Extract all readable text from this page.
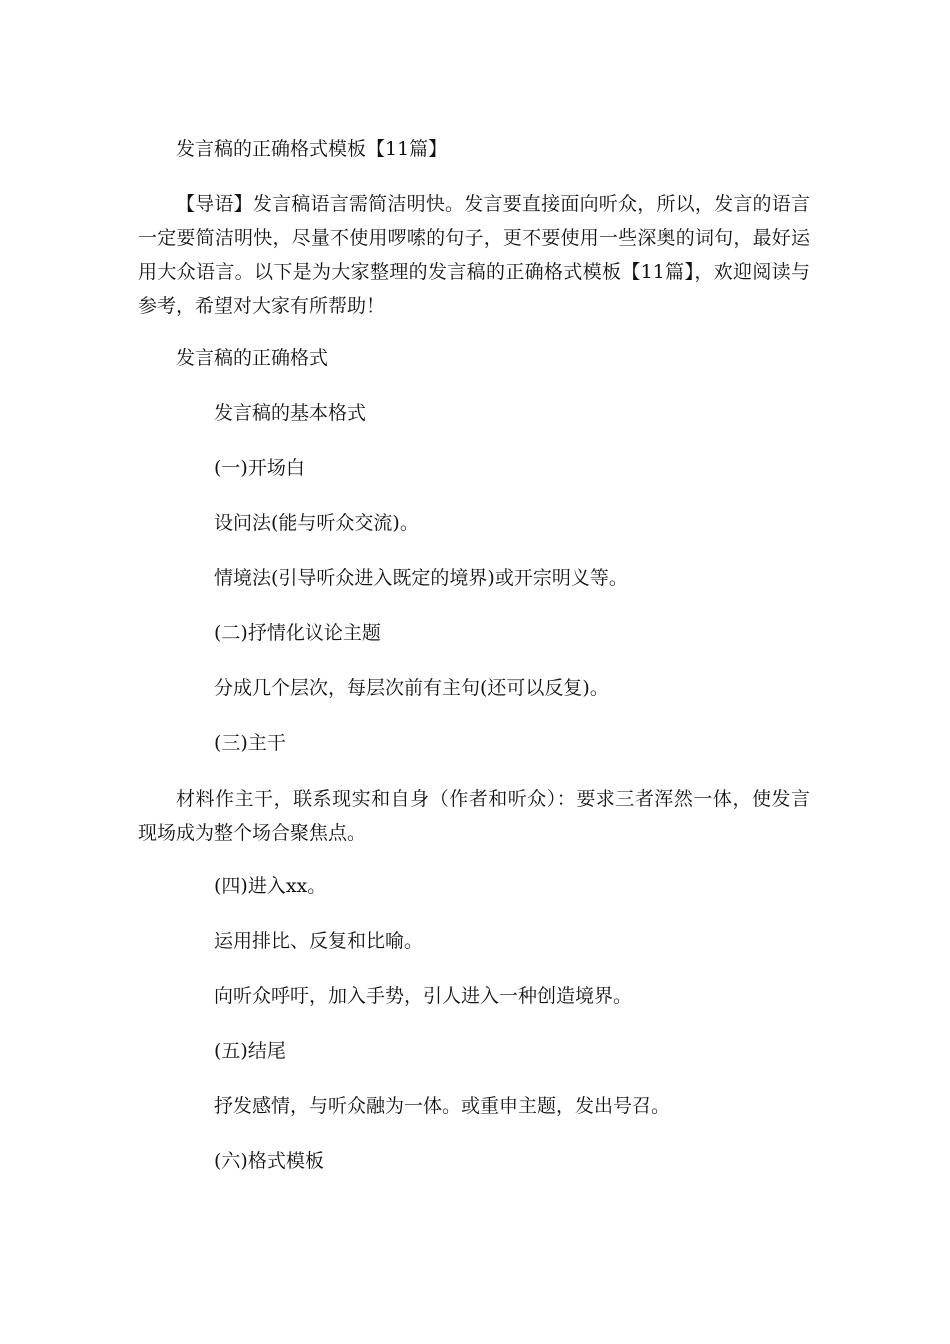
发言稿的正确格式模板【11篇】

【导语】发言稿语言需简洁明快。发言要直接面向听众，所以，发言的语言一定要简洁明快，尽量不使用啰嗦的句子，更不要使用一些深奥的词句，最好运用大众语言。以下是为大家整理的发言稿的正确格式模板【11篇】，欢迎阅读与参考，希望对大家有所帮助！

发言稿的正确格式

发言稿的基本格式

(一)开场白

设问法(能与听众交流)。

情境法(引导听众进入既定的境界)或开宗明义等。

(二)抒情化议论主题

分成几个层次，每层次前有主句(还可以反复)。

(三)主干

材料作主干，联系现实和自身（作者和听众）：要求三者浑然一体，使发言现场成为整个场合聚焦点。

(四)进入xx。

运用排比、反复和比喻。

向听众呼吁，加入手势，引人进入一种创造境界。

(五)结尾

抒发感情，与听众融为一体。或重申主题，发出号召。

(六)格式模板
